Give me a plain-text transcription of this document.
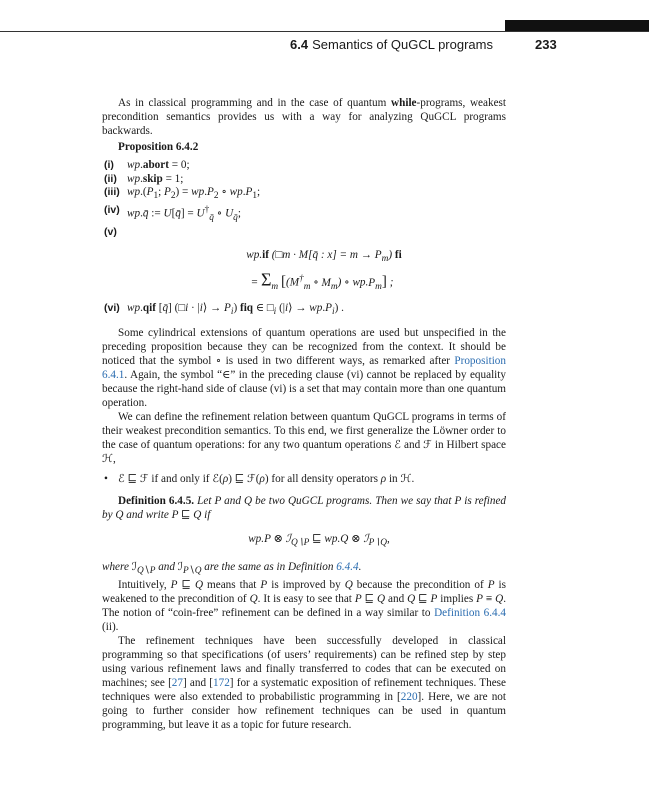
6.4 Semantics of QuGCL programs	233

As in classical programming and in the case of quantum while-programs, weakest precondition semantics provides us with a way for analyzing QuGCL programs backwards.

Proposition 6.4.2
(i) wp.abort = 0;
(ii) wp.skip = 1;
(iii) $wp.(P_1$; $P_2) = wp.P_2$ ∘ $wp.P_1$;
(iv) wp.q̄ := U[q̄] = $U^\dagger_{q̄}$ ∘ $U_{q̄}$;
(v)
wp.if (□m · M[q̄ : $x] = m \to P_m$) fi
= $\Sigma_m$ [($M^\dagger_m$ ∘ $M_m$) ∘ $wp.P_m$] ;
(vi) wp.qif [q̄] (□i · |i⟩ → $P_i$) fiq ∈ $□_i$ (|i⟩ → $wp.P_i$) .

Some cylindrical extensions of quantum operations are used but unspecified in the preceding proposition because they can be recognized from the context. It should be noticed that the symbol ∘ is used in two different ways, as remarked after Proposition 6.4.1. Again, the symbol “∈” in the preceding clause (vi) cannot be replaced by equality because the right-hand side of clause (vi) is a set that may contain more than one quantum operation.

We can define the refinement relation between quantum QuGCL programs in terms of their weakest precondition semantics. To this end, we first generalize the Löwner order to the case of quantum operations: for any two quantum operations ℰ and ℱ in Hilbert space ℋ,

• ℰ ⊑ ℱ if and only if ℰ(ρ) ⊑ ℱ(ρ) for all density operators ρ in ℋ.

Definition 6.4.5. Let P and Q be two QuGCL programs. Then we say that P is refined by Q and write P ⊑ Q if

wp.P ⊗ ℐ$_{Q∖P}$ ⊑ wp.Q ⊗ ℐ$_{P∖Q}$,

where ℐ$_{Q∖P}$ and ℐ$_{P∖Q}$ are the same as in Definition 6.4.4.

Intuitively, P ⊑ Q means that P is improved by Q because the precondition of P is weakened to the precondition of Q. It is easy to see that P ⊑ Q and Q ⊑ P implies P ≡ Q. The notion of “coin-free” refinement can be defined in a way similar to Definition 6.4.4 (ii).

The refinement techniques have been successfully developed in classical programming so that specifications (of users’ requirements) can be refined step by step using various refinement laws and finally transferred to codes that can be executed on machines; see [27] and [172] for a systematic exposition of refinement techniques. These techniques were also extended to probabilistic programming in [220]. Here, we are not going to further consider how refinement techniques can be used in quantum programming, but leave it as a topic for future research.
